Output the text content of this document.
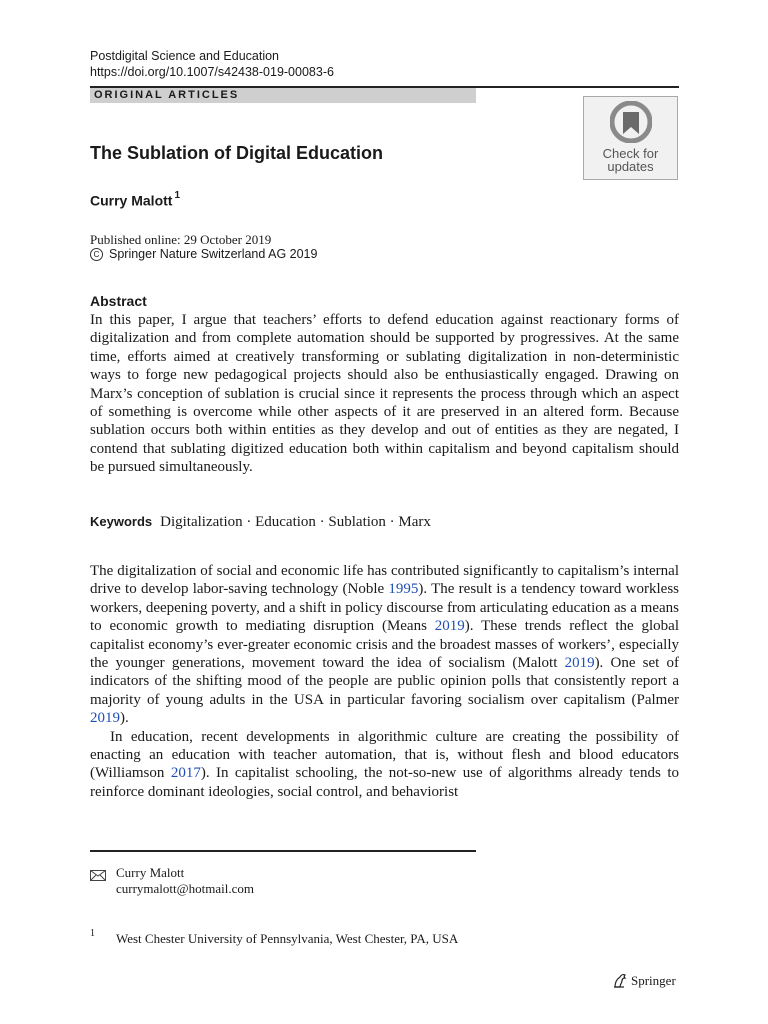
Postdigital Science and Education
https://doi.org/10.1007/s42438-019-00083-6
ORIGINAL ARTICLES
Check for
updates
The Sublation of Digital Education
Curry Malott $^1$
Published online: 29 October 2019
C Springer Nature Switzerland AG 2019
Abstract
In this paper, I argue that teachers’ efforts to defend education against reactionary forms of digitalization and from complete automation should be supported by progressives. At the same time, efforts aimed at creatively transforming or sublating digitalization in non-deterministic ways to forge new pedagogical projects should also be enthusiastically engaged. Drawing on Marx’s conception of sublation is crucial since it represents the process through which an aspect of something is overcome while other aspects of it are preserved in an altered form. Because sublation occurs both within entities as they develop and out of entities as they are negated, I contend that sublating digitized education both within capitalism and beyond capitalism should be pursued simultaneously.
Keywords Digitalization · Education · Sublation · Marx

The digitalization of social and economic life has contributed significantly to capitalism’s internal drive to develop labor-saving technology (Noble 1995). The result is a tendency toward workless workers, deepening poverty, and a shift in policy discourse from articulating education as a means to economic growth to mediating disruption (Means 2019). These trends reflect the global capitalist economy’s ever-greater economic crisis and the broadest masses of workers’, especially the younger generations, movement toward the idea of socialism (Malott 2019). One set of indicators of the shifting mood of the people are public opinion polls that consistently report a majority of young adults in the USA in particular favoring socialism over capitalism (Palmer 2019).

In education, recent developments in algorithmic culture are creating the possibility of enacting an education with teacher automation, that is, without flesh and blood educators (Williamson 2017). In capitalist schooling, the not-so-new use of algorithms already tends to reinforce dominant ideologies, social control, and behaviorist

Curry Malott
currymalott@hotmail.com
1 West Chester University of Pennsylvania, West Chester, PA, USA
Springer
